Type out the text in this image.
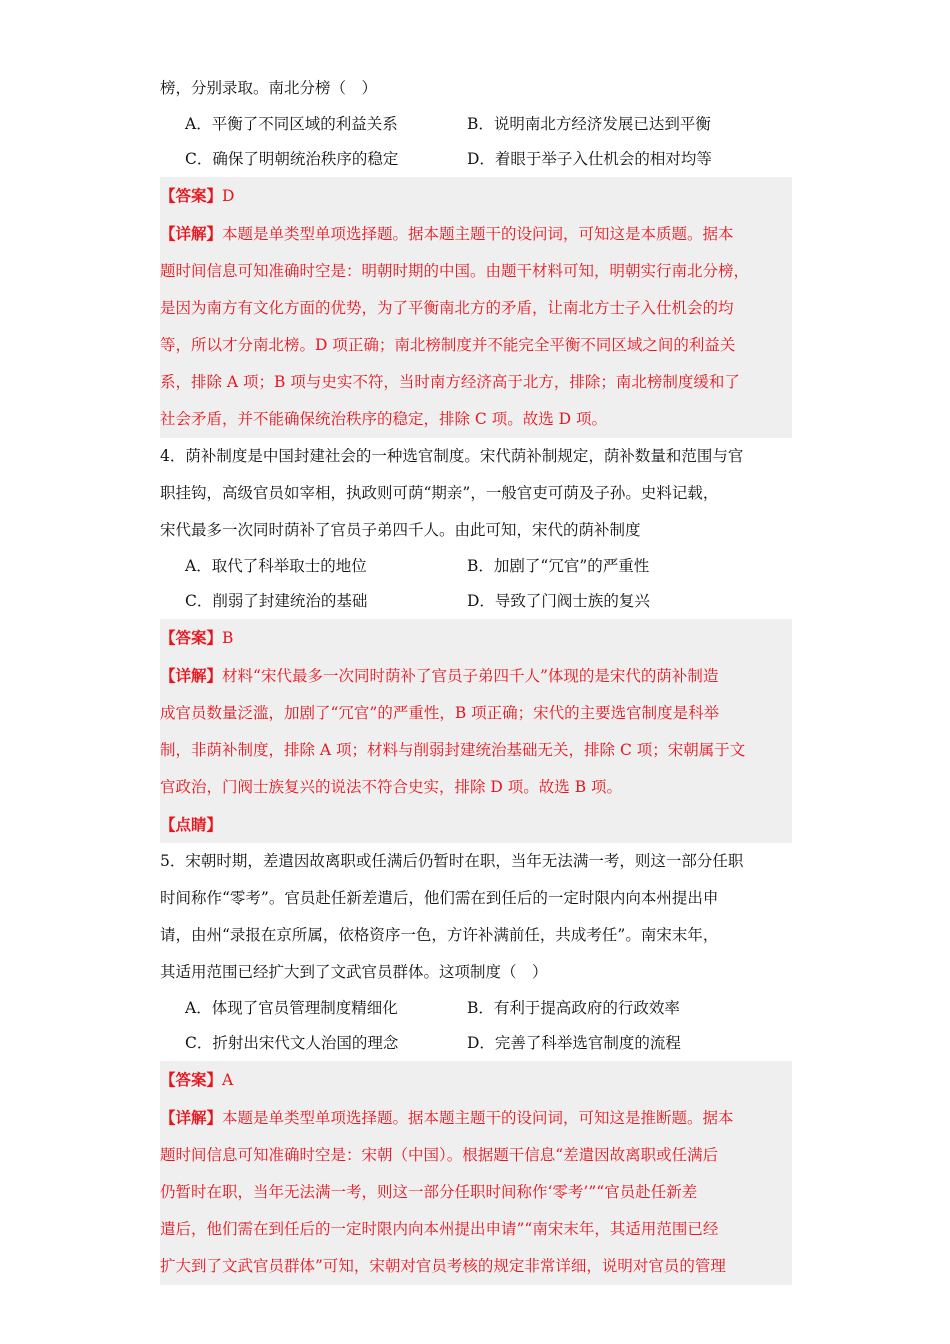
榜，分别录取。南北分榜（　）

A．平衡了不同区域的利益关系	B．说明南北方经济发展已达到平衡
C．确保了明朝统治秩序的稳定	D．着眼于举子入仕机会的相对均等

【答案】D

【详解】本题是单类型单项选择题。据本题主题干的设问词，可知这是本质题。据本

题时间信息可知准确时空是：明朝时期的中国。由题干材料可知，明朝实行南北分榜，

是因为南方有文化方面的优势，为了平衡南北方的矛盾，让南北方士子入仕机会的均

等，所以才分南北榜。D 项正确；南北榜制度并不能完全平衡不同区域之间的利益关

系，排除 A 项；B 项与史实不符，当时南方经济高于北方，排除；南北榜制度缓和了

社会矛盾，并不能确保统治秩序的稳定，排除 C 项。故选 D 项。

4．荫补制度是中国封建社会的一种选官制度。宋代荫补制规定，荫补数量和范围与官

职挂钩，高级官员如宰相，执政则可荫“期亲”，一般官吏可荫及子孙。史料记载，

宋代最多一次同时荫补了官员子弟四千人。由此可知，宋代的荫补制度

A．取代了科举取士的地位	B．加剧了“冗官”的严重性
C．削弱了封建统治的基础	D．导致了门阀士族的复兴

【答案】B

【详解】材料“宋代最多一次同时荫补了官员子弟四千人”体现的是宋代的荫补制造

成官员数量泛滥，加剧了“冗官”的严重性，B 项正确；宋代的主要选官制度是科举

制，非荫补制度，排除 A 项；材料与削弱封建统治基础无关，排除 C 项；宋朝属于文

官政治，门阀士族复兴的说法不符合史实，排除 D 项。故选 B 项。

【点睛】

5．宋朝时期，差遣因故离职或任满后仍暂时在职，当年无法满一考，则这一部分任职

时间称作“零考”。官员赴任新差遣后，他们需在到任后的一定时限内向本州提出申

请，由州“录报在京所属，依格资序一色，方许补满前任，共成考任”。南宋末年，

其适用范围已经扩大到了文武官员群体。这项制度（　）

A．体现了官员管理制度精细化	B．有利于提高政府的行政效率
C．折射出宋代文人治国的理念	D．完善了科举选官制度的流程

【答案】A

【详解】本题是单类型单项选择题。据本题主题干的设问词，可知这是推断题。据本

题时间信息可知准确时空是：宋朝（中国）。根据题干信息“差遣因故离职或任满后

仍暂时在职，当年无法满一考，则这一部分任职时间称作‘零考’”“官员赴任新差

遣后，他们需在到任后的一定时限内向本州提出申请”“南宋末年，其适用范围已经

扩大到了文武官员群体”可知，宋朝对官员考核的规定非常详细，说明对官员的管理
